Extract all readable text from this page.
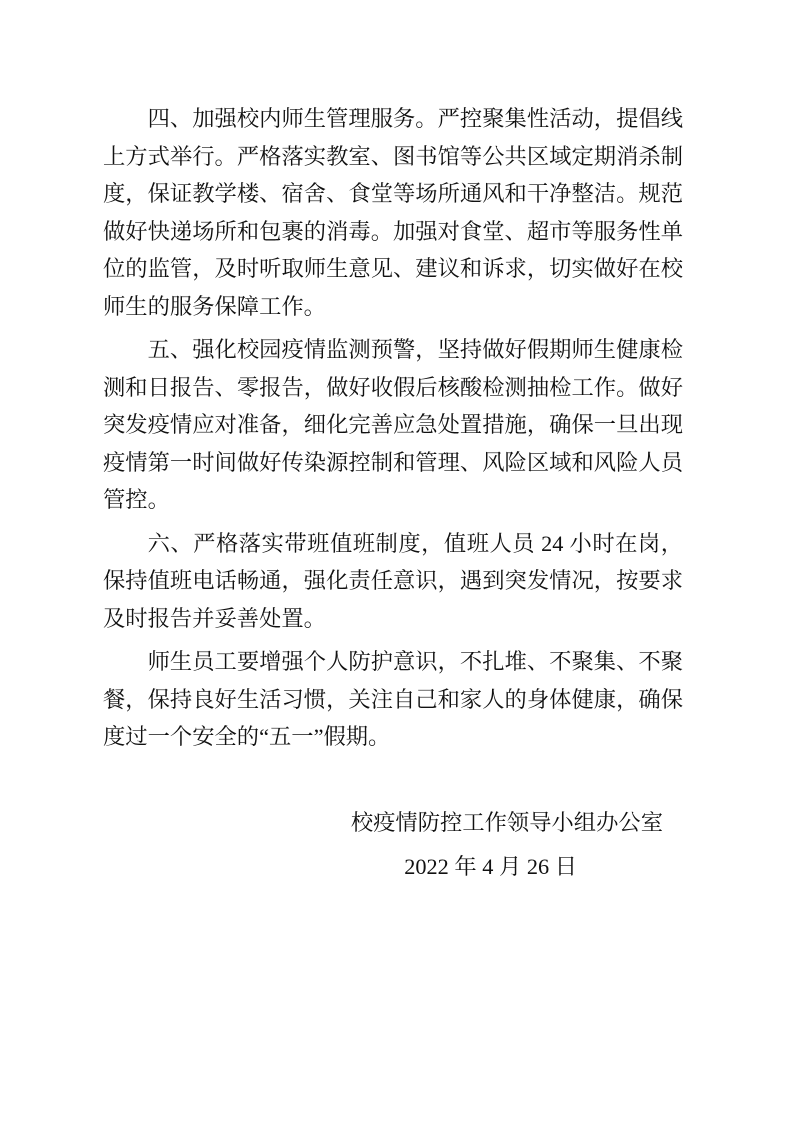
四、加强校内师生管理服务。严控聚集性活动，提倡线上方式举行。严格落实教室、图书馆等公共区域定期消杀制度，保证教学楼、宿舍、食堂等场所通风和干净整洁。规范做好快递场所和包裹的消毒。加强对食堂、超市等服务性单位的监管，及时听取师生意见、建议和诉求，切实做好在校师生的服务保障工作。

五、强化校园疫情监测预警，坚持做好假期师生健康检测和日报告、零报告，做好收假后核酸检测抽检工作。做好突发疫情应对准备，细化完善应急处置措施，确保一旦出现疫情第一时间做好传染源控制和管理、风险区域和风险人员管控。

六、严格落实带班值班制度，值班人员 24 小时在岗，保持值班电话畅通，强化责任意识，遇到突发情况，按要求及时报告并妥善处置。

师生员工要增强个人防护意识，不扎堆、不聚集、不聚餐，保持良好生活习惯，关注自己和家人的身体健康，确保度过一个安全的“五一”假期。

校疫情防控工作领导小组办公室
2022 年 4 月 26 日
